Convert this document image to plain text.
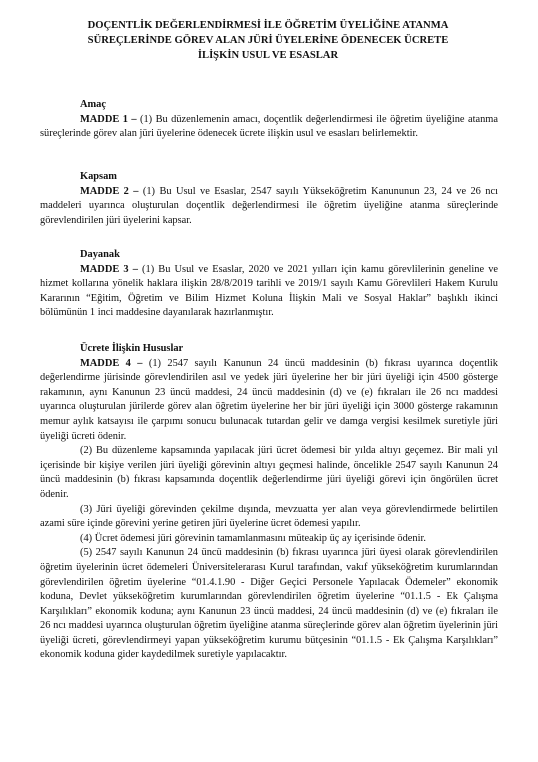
DOÇENTLİK DEĞERLENDİRMESİ İLE ÖĞRETİM ÜYELİĞİNE ATANMA
SÜREÇLERİNDE GÖREV ALAN JÜRİ ÜYELERİNE ÖDENECEK ÜCRETE
İLİŞKİN USUL VE ESASLAR
Amaç
MADDE 1 – (1) Bu düzenlemenin amacı, doçentlik değerlendirmesi ile öğretim üyeliğine atanma süreçlerinde görev alan jüri üyelerine ödenecek ücrete ilişkin usul ve esasları belirlemektir.
Kapsam
MADDE 2 – (1) Bu Usul ve Esaslar, 2547 sayılı Yükseköğretim Kanununun 23, 24 ve 26 ncı maddeleri uyarınca oluşturulan doçentlik değerlendirmesi ile öğretim üyeliğine atanma süreçlerinde görevlendirilen jüri üyelerini kapsar.
Dayanak
MADDE 3 – (1) Bu Usul ve Esaslar, 2020 ve 2021 yılları için kamu görevlilerinin geneline ve hizmet kollarına yönelik haklara ilişkin 28/8/2019 tarihli ve 2019/1 sayılı Kamu Görevlileri Hakem Kurulu Kararının “Eğitim, Öğretim ve Bilim Hizmet Koluna İlişkin Mali ve Sosyal Haklar” başlıklı ikinci bölümünün 1 inci maddesine dayanılarak hazırlanmıştır.
Ücrete İlişkin Hususlar
MADDE 4 – (1) 2547 sayılı Kanunun 24 üncü maddesinin (b) fıkrası uyarınca doçentlik değerlendirme jürisinde görevlendirilen asıl ve yedek jüri üyelerine her bir jüri üyeliği için 4500 gösterge rakamının, aynı Kanunun 23 üncü maddesi, 24 üncü maddesinin (d) ve (e) fıkraları ile 26 ncı maddesi uyarınca oluşturulan jürilerde görev alan öğretim üyelerine her bir jüri üyeliği için 3000 gösterge rakamının memur aylık katsayısı ile çarpımı sonucu bulunacak tutardan gelir ve damga vergisi kesilmek suretiyle jüri üyeliği ücreti ödenir.
(2) Bu düzenleme kapsamında yapılacak jüri ücret ödemesi bir yılda altıyı geçemez. Bir mali yıl içerisinde bir kişiye verilen jüri üyeliği görevinin altıyı geçmesi halinde, öncelikle 2547 sayılı Kanunun 24 üncü maddesinin (b) fıkrası kapsamında doçentlik değerlendirme jüri üyeliği görevi için öngörülen ücret ödenir.
(3) Jüri üyeliği görevinden çekilme dışında, mevzuatta yer alan veya görevlendirmede belirtilen azami süre içinde görevini yerine getiren jüri üyelerine ücret ödemesi yapılır.
(4) Ücret ödemesi jüri görevinin tamamlanmasını müteakip üç ay içerisinde ödenir.
(5) 2547 sayılı Kanunun 24 üncü maddesinin (b) fıkrası uyarınca jüri üyesi olarak görevlendirilen öğretim üyelerinin ücret ödemeleri Üniversitelerarası Kurul tarafından, vakıf yükseköğretim kurumlarından görevlendirilen öğretim üyelerine “01.4.1.90 - Diğer Geçici Personele Yapılacak Ödemeler” ekonomik koduna, Devlet yükseköğretim kurumlarından görevlendirilen öğretim üyelerine “01.1.5 - Ek Çalışma Karşılıkları” ekonomik koduna; aynı Kanunun 23 üncü maddesi, 24 üncü maddesinin (d) ve (e) fıkraları ile 26 ncı maddesi uyarınca oluşturulan öğretim üyeliğine atanma süreçlerinde görev alan öğretim üyelerinin jüri üyeliği ücreti, görevlendirmeyi yapan yükseköğretim kurumu bütçesinin “01.1.5 - Ek Çalışma Karşılıkları” ekonomik koduna gider kaydedilmek suretiyle yapılacaktır.
